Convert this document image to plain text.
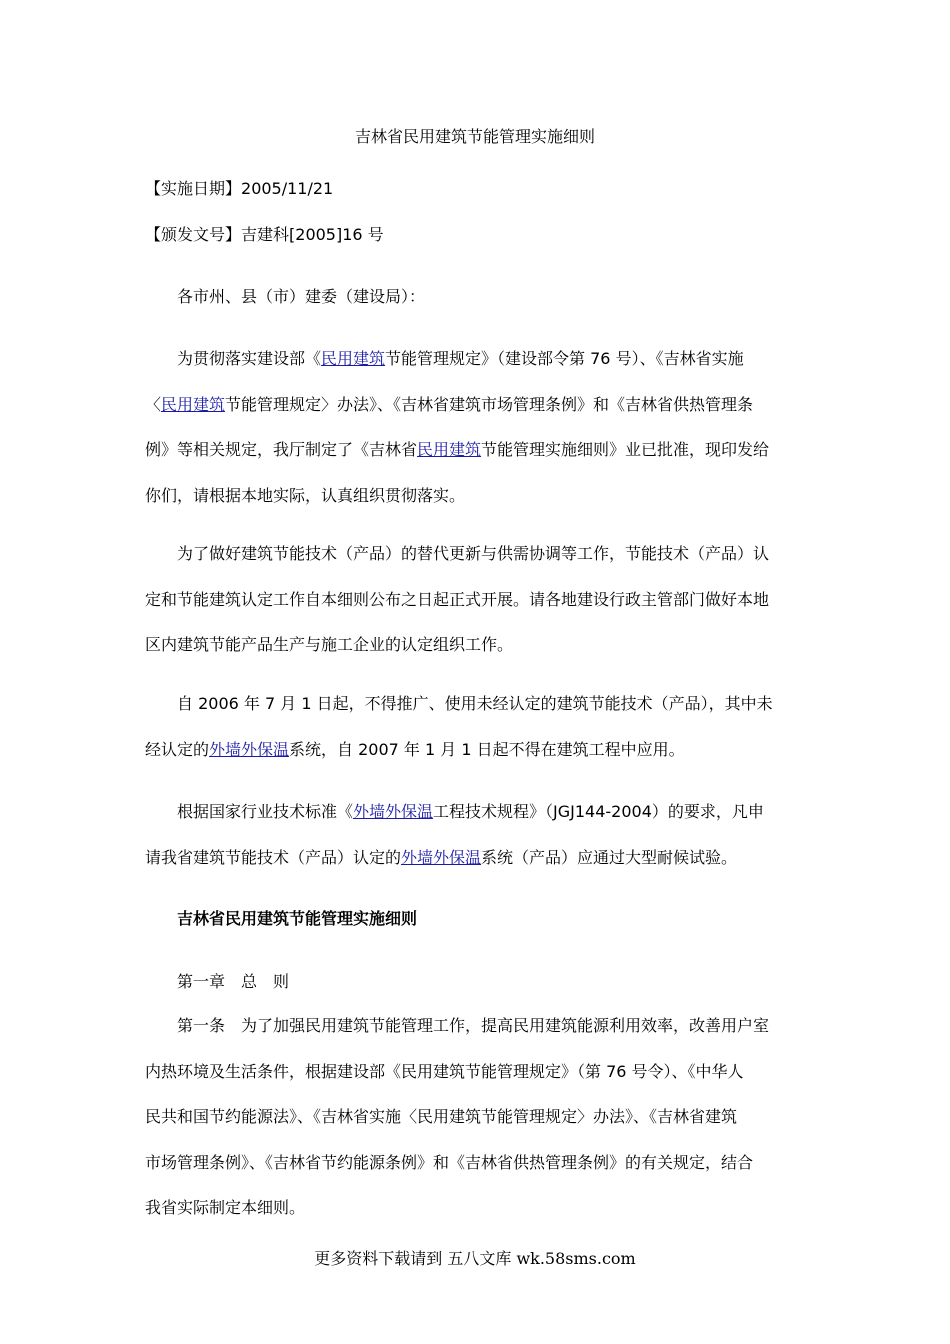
吉林省民用建筑节能管理实施细则
【实施日期】2005/11/21
【颁发文号】吉建科[2005]16 号

各市州、县（市）建委（建设局）：

为贯彻落实建设部《民用建筑节能管理规定》（建设部令第 76 号）、《吉林省实施
〈民用建筑节能管理规定〉办法》、《吉林省建筑市场管理条例》和《吉林省供热管理条
例》等相关规定，我厅制定了《吉林省民用建筑节能管理实施细则》业已批准，现印发给
你们，请根据本地实际，认真组织贯彻落实。
为了做好建筑节能技术（产品）的替代更新与供需协调等工作，节能技术（产品）认
定和节能建筑认定工作自本细则公布之日起正式开展。请各地建设行政主管部门做好本地
区内建筑节能产品生产与施工企业的认定组织工作。
自 2006 年 7 月 1 日起，不得推广、使用未经认定的建筑节能技术（产品），其中未
经认定的外墙外保温系统，自 2007 年 1 月 1 日起不得在建筑工程中应用。
根据国家行业技术标准《外墙外保温工程技术规程》（JGJ144-2004）的要求，凡申
请我省建筑节能技术（产品）认定的外墙外保温系统（产品）应通过大型耐候试验。
吉林省民用建筑节能管理实施细则
第一章　总　则
第一条　为了加强民用建筑节能管理工作，提高民用建筑能源利用效率，改善用户室
内热环境及生活条件，根据建设部《民用建筑节能管理规定》（第 76 号令）、《中华人
民共和国节约能源法》、《吉林省实施〈民用建筑节能管理规定〉办法》、《吉林省建筑
市场管理条例》、《吉林省节约能源条例》和《吉林省供热管理条例》的有关规定，结合
我省实际制定本细则。
更多资料下载请到 五八文库 wk.58sms.com
